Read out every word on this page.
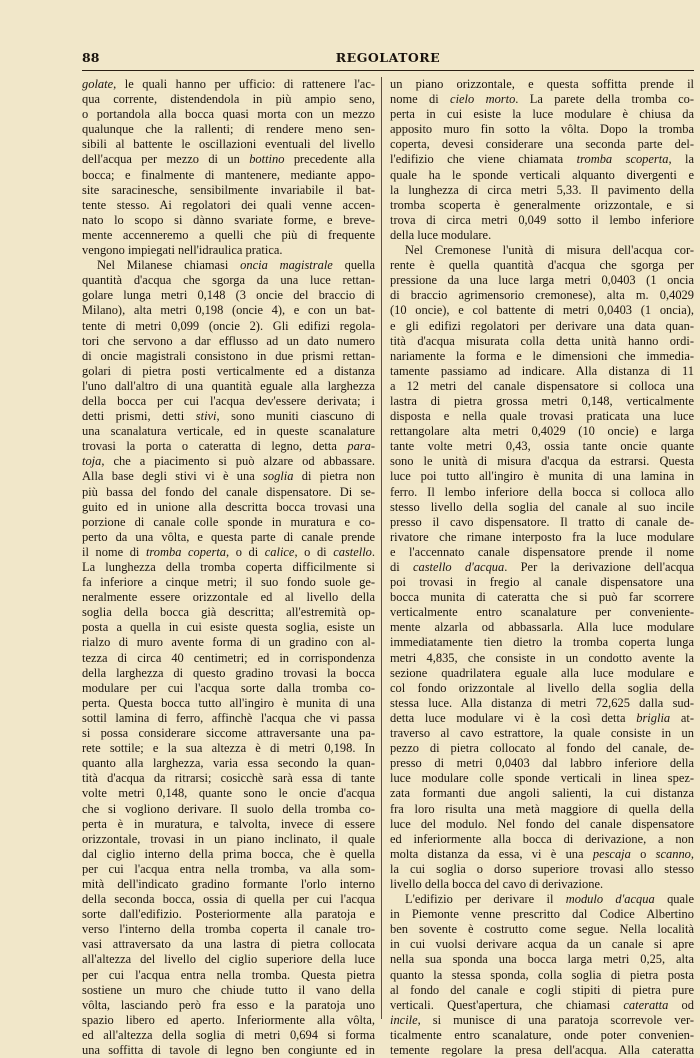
88	REGOLATORE

golate, le quali hanno per ufficio: di rattenere l'ac-

qua corrente, distendendola in più ampio seno,

o portandola alla bocca quasi morta con un mezzo

qualunque che la rallenti; di rendere meno sen-

sibili al battente le oscillazioni eventuali del livello

dell'acqua per mezzo di un bottino precedente alla

bocca; e finalmente di mantenere, mediante appo-

site saracinesche, sensibilmente invariabile il bat-

tente stesso. Ai regolatori dei quali venne accen-

nato lo scopo si dànno svariate forme, e breve-

mente accenneremo a quelli che più di frequente

vengono impiegati nell'idraulica pratica.

Nel Milanese chiamasi oncia magistrale quella

quantità d'acqua che sgorga da una luce rettan-

golare lunga metri 0,148 (3 oncie del braccio di

Milano), alta metri 0,198 (oncie 4), e con un bat-

tente di metri 0,099 (oncie 2). Gli edifizi regola-

tori che servono a dar efflusso ad un dato numero

di oncie magistrali consistono in due prismi rettan-

golari di pietra posti verticalmente ed a distanza

l'uno dall'altro di una quantità eguale alla larghezza

della bocca per cui l'acqua dev'essere derivata; i

detti prismi, detti stivi, sono muniti ciascuno di

una scanalatura verticale, ed in queste scanalature

trovasi la porta o cateratta di legno, detta para-

toja, che a piacimento si può alzare od abbassare.

Alla base degli stivi vi è una soglia di pietra non

più bassa del fondo del canale dispensatore. Di se-

guito ed in unione alla descritta bocca trovasi una

porzione di canale colle sponde in muratura e co-

perto da una vôlta, e questa parte di canale prende

il nome di tromba coperta, o di calice, o di castello.

La lunghezza della tromba coperta difficilmente si

fa inferiore a cinque metri; il suo fondo suole ge-

neralmente essere orizzontale ed al livello della

soglia della bocca già descritta; all'estremità op-

posta a quella in cui esiste questa soglia, esiste un

rialzo di muro avente forma di un gradino con al-

tezza di circa 40 centimetri; ed in corrispondenza

della larghezza di questo gradino trovasi la bocca

modulare per cui l'acqua sorte dalla tromba co-

perta. Questa bocca tutto all'ingiro è munita di una

sottil lamina di ferro, affinchè l'acqua che vi passa

si possa considerare siccome attraversante una pa-

rete sottile; e la sua altezza è di metri 0,198. In

quanto alla larghezza, varia essa secondo la quan-

tità d'acqua da ritrarsi; cosicchè sarà essa di tante

volte metri 0,148, quante sono le oncie d'acqua

che si vogliono derivare. Il suolo della tromba co-

perta è in muratura, e talvolta, invece di essere

orizzontale, trovasi in un piano inclinato, il quale

dal ciglio interno della prima bocca, che è quella

per cui l'acqua entra nella tromba, va alla som-

mità dell'indicato gradino formante l'orlo interno

della seconda bocca, ossia di quella per cui l'acqua

sorte dall'edifizio. Posteriormente alla paratoja e

verso l'interno della tromba coperta il canale tro-

vasi attraversato da una lastra di pietra collocata

all'altezza del livello del ciglio superiore della luce

per cui l'acqua entra nella tromba. Questa pietra

sostiene un muro che chiude tutto il vano della

vôlta, lasciando però fra esso e la paratoja uno

spazio libero ed aperto. Inferiormente alla vôlta,

ed all'altezza della soglia di metri 0,694 si forma

una soffitta di tavole di legno ben congiunte ed in

un piano orizzontale, e questa soffitta prende il

nome di cielo morto. La parete della tromba co-

perta in cui esiste la luce modulare è chiusa da

apposito muro fin sotto la vôlta. Dopo la tromba

coperta, devesi considerare una seconda parte del-

l'edifizio che viene chiamata tromba scoperta, la

quale ha le sponde verticali alquanto divergenti e

la lunghezza di circa metri 5,33. Il pavimento della

tromba scoperta è generalmente orizzontale, e si

trova di circa metri 0,049 sotto il lembo inferiore

della luce modulare.

Nel Cremonese l'unità di misura dell'acqua cor-

rente è quella quantità d'acqua che sgorga per

pressione da una luce larga metri 0,0403 (1 oncia

di braccio agrimensorio cremonese), alta m. 0,4029

(10 oncie), e col battente di metri 0,0403 (1 oncia),

e gli edifizi regolatori per derivare una data quan-

tità d'acqua misurata colla detta unità hanno ordi-

nariamente la forma e le dimensioni che immedia-

tamente passiamo ad indicare. Alla distanza di 11

a 12 metri del canale dispensatore si colloca una

lastra di pietra grossa metri 0,148, verticalmente

disposta e nella quale trovasi praticata una luce

rettangolare alta metri 0,4029 (10 oncie) e larga

tante volte metri 0,43, ossia tante oncie quante

sono le unità di misura d'acqua da estrarsi. Questa

luce poi tutto all'ingiro è munita di una lamina in

ferro. Il lembo inferiore della bocca si colloca allo

stesso livello della soglia del canale al suo incile

presso il cavo dispensatore. Il tratto di canale de-

rivatore che rimane interposto fra la luce modulare

e l'accennato canale dispensatore prende il nome

di castello d'acqua. Per la derivazione dell'acqua

poi trovasi in fregio al canale dispensatore una

bocca munita di cateratta che si può far scorrere

verticalmente entro scanalature per conveniente-

mente alzarla od abbassarla. Alla luce modulare

immediatamente tien dietro la tromba coperta lunga

metri 4,835, che consiste in un condotto avente la

sezione quadrilatera eguale alla luce modulare e

col fondo orizzontale al livello della soglia della

stessa luce. Alla distanza di metri 72,625 dalla sud-

detta luce modulare vi è la così detta briglia at-

traverso al cavo estrattore, la quale consiste in un

pezzo di pietra collocato al fondo del canale, de-

presso di metri 0,0403 dal labbro inferiore della

luce modulare colle sponde verticali in linea spez-

zata formanti due angoli salienti, la cui distanza

fra loro risulta una metà maggiore di quella della

luce del modulo. Nel fondo del canale dispensatore

ed inferiormente alla bocca di derivazione, a non

molta distanza da essa, vi è una pescaja o scanno,

la cui soglia o dorso superiore trovasi allo stesso

livello della bocca del cavo di derivazione.

L'edifizio per derivare il modulo d'acqua quale

in Piemonte venne prescritto dal Codice Albertino

ben sovente è costrutto come segue. Nella località

in cui vuolsi derivare acqua da un canale si apre

nella sua sponda una bocca larga metri 0,25, alta

quanto la stessa sponda, colla soglia di pietra posta

al fondo del canale e cogli stipiti di pietra pure

verticali. Quest'apertura, che chiamasi cateratta od

incile, si munisce di una paratoja scorrevole ver-

ticalmente entro scanalature, onde poter convenien-

temente regolare la presa dell'acqua. Alla cateratta
